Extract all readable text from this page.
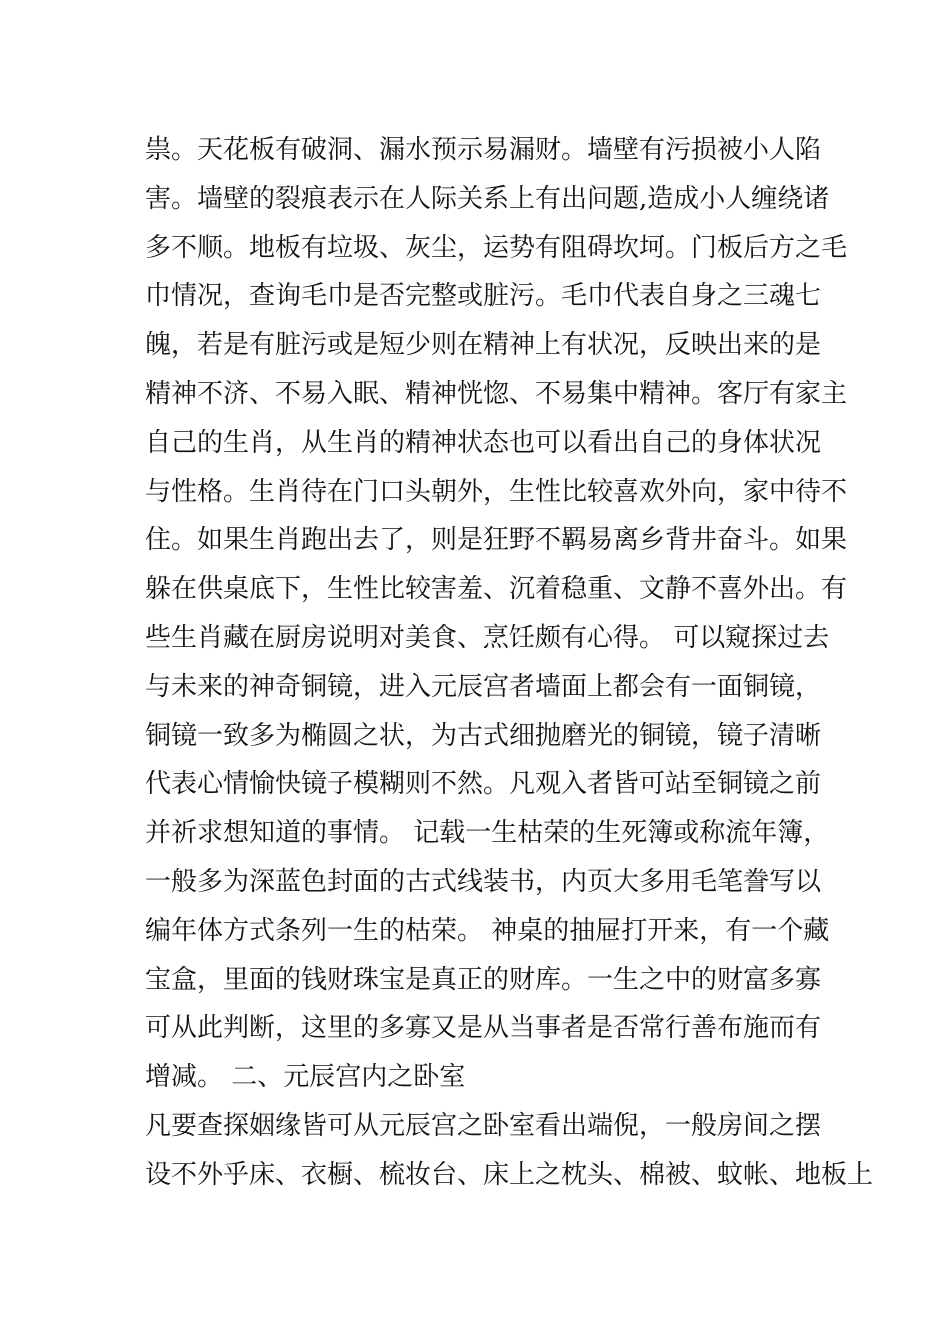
祟。天花板有破洞、漏水预示易漏财。墙壁有污损被小人陷
害。墙壁的裂痕表示在人际关系上有出问题,造成小人缠绕诸
多不顺。地板有垃圾、灰尘，运势有阻碍坎坷。门板后方之毛
巾情况，查询毛巾是否完整或脏污。毛巾代表自身之三魂七
魄，若是有脏污或是短少则在精神上有状况，反映出来的是
精神不济、不易入眠、精神恍惚、不易集中精神。客厅有家主
自己的生肖，从生肖的精神状态也可以看出自己的身体状况
与性格。生肖待在门口头朝外，生性比较喜欢外向，家中待不
住。如果生肖跑出去了，则是狂野不羁易离乡背井奋斗。如果
躲在供桌底下，生性比较害羞、沉着稳重、文静不喜外出。有
些生肖藏在厨房说明对美食、烹饪颇有心得。 可以窥探过去
与未来的神奇铜镜，进入元辰宫者墙面上都会有一面铜镜，
铜镜一致多为椭圆之状，为古式细抛磨光的铜镜，镜子清晰
代表心情愉快镜子模糊则不然。凡观入者皆可站至铜镜之前
并祈求想知道的事情。 记载一生枯荣的生死簿或称流年簿，
一般多为深蓝色封面的古式线装书，内页大多用毛笔誊写以
编年体方式条列一生的枯荣。 神桌的抽屉打开来，有一个藏
宝盒，里面的钱财珠宝是真正的财库。一生之中的财富多寡
可从此判断，这里的多寡又是从当事者是否常行善布施而有
增减。 二、元辰宫内之卧室
凡要查探姻缘皆可从元辰宫之卧室看出端倪，一般房间之摆
设不外乎床、衣橱、梳妆台、床上之枕头、棉被、蚊帐、地板上
